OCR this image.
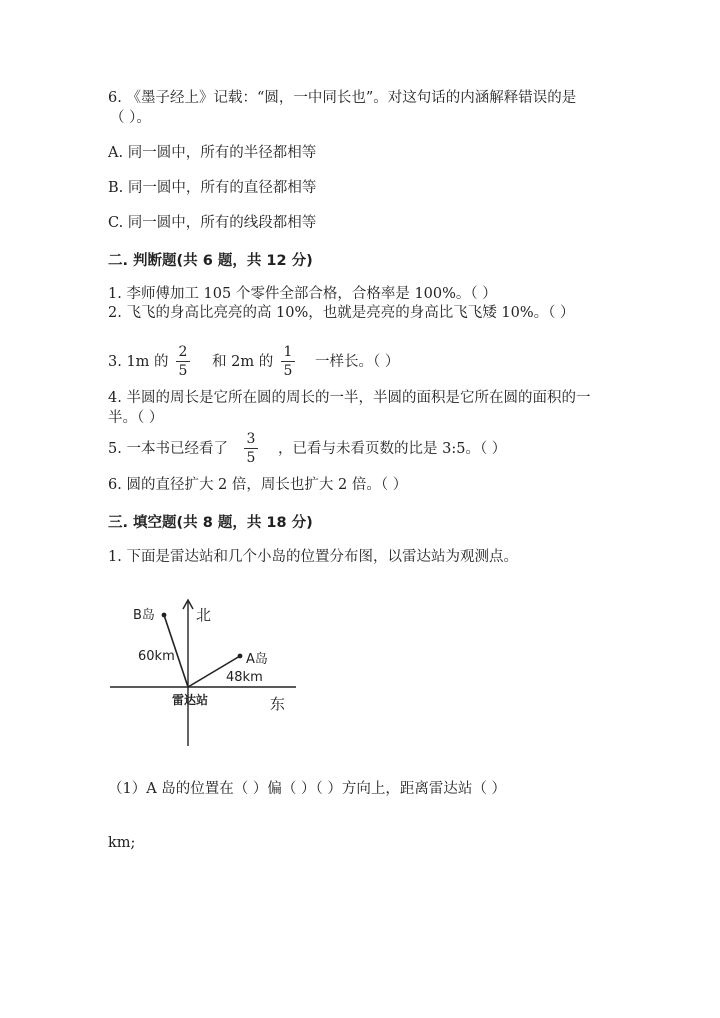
6. 《墨子经上》记载：“圆，一中同长也”。对这句话的内涵解释错误的是
（ ）。
A. 同一圆中，所有的半径都相等
B. 同一圆中，所有的直径都相等
C. 同一圆中，所有的线段都相等
二. 判断题(共 6 题，共 12 分)
1. 李师傅加工 105 个零件全部合格，合格率是 100%。（ ）
2. 飞飞的身高比亮亮的高 10%，也就是亮亮的身高比飞飞矮 10%。（ ）
3. 1m 的
2
5
和 2m 的
1
5
一样长。（ ）
4. 半圆的周长是它所在圆的周长的一半，半圆的面积是它所在圆的面积的一
半。（ ）
5. 一本书已经看了
3
5
，已看与未看页数的比是 3:5。（ ）
6. 圆的直径扩大 2 倍，周长也扩大 2 倍。（ ）
三. 填空题(共 8 题，共 18 分)
1. 下面是雷达站和几个小岛的位置分布图，以雷达站为观测点。
B岛	北
60km	A岛
48km
雷达站	东
（1）A 岛的位置在（ ）偏（ ）（ ）方向上，距离雷达站（ ）
km;
